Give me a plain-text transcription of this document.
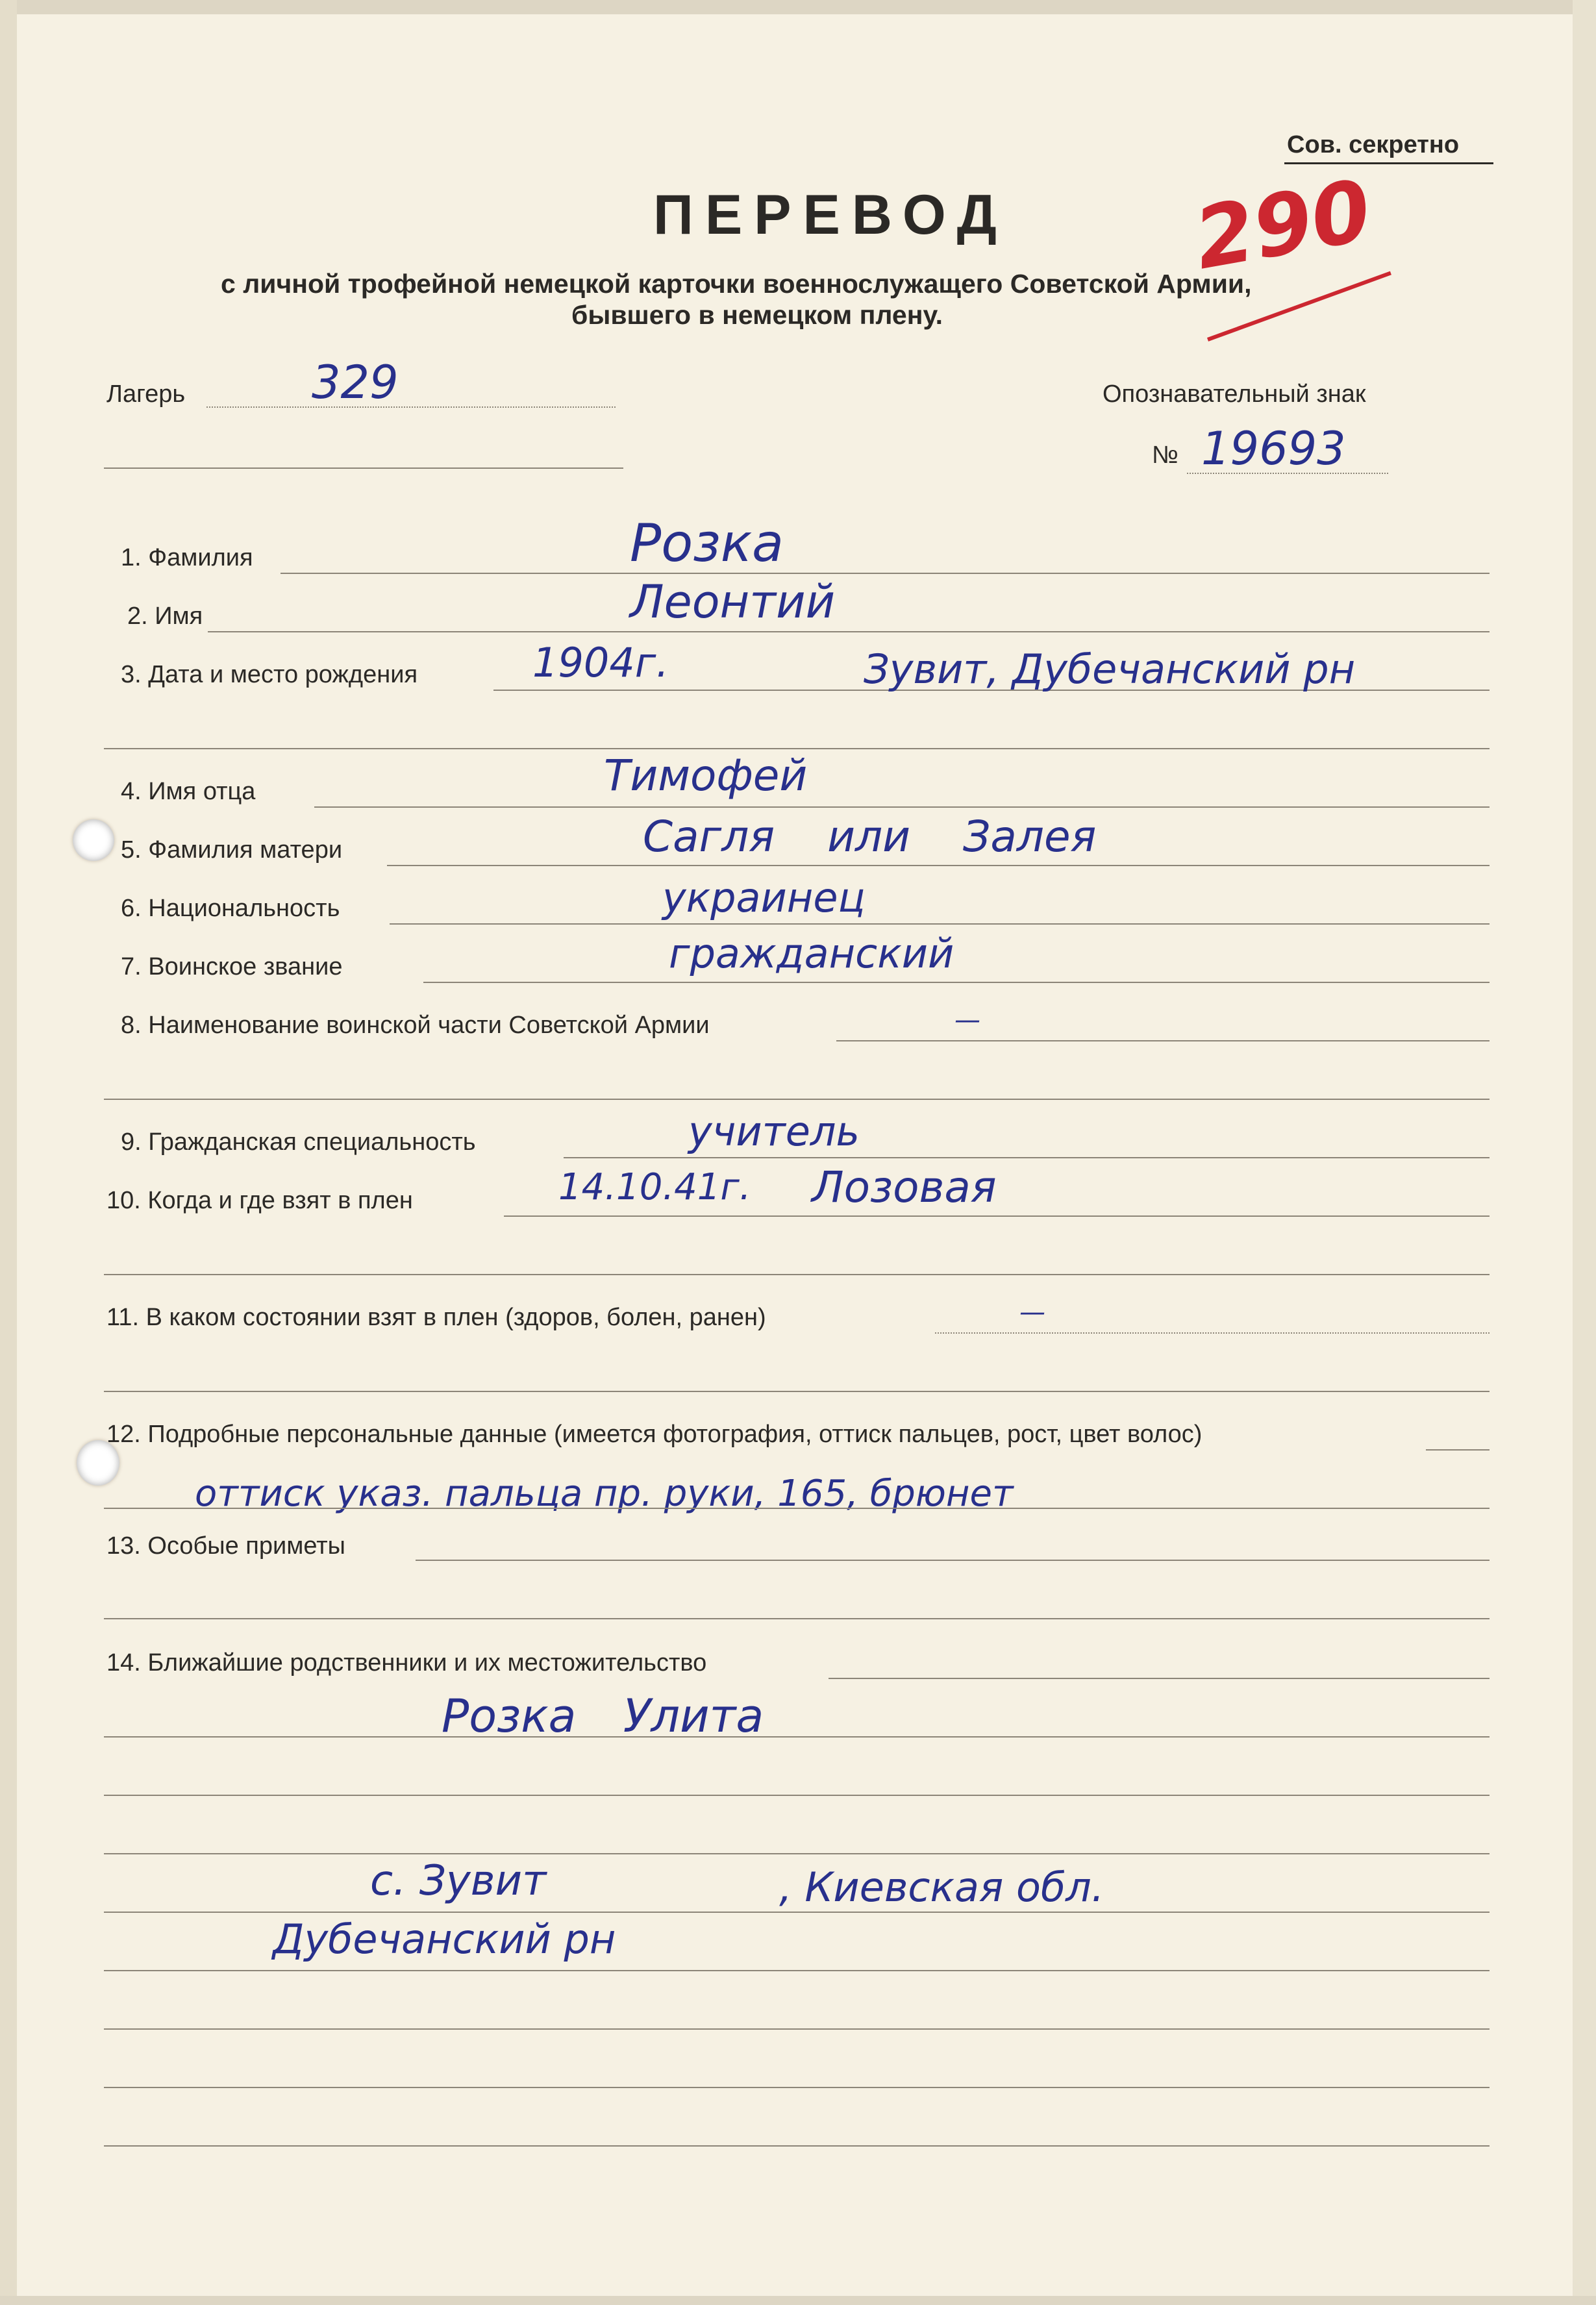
Сов. секретно
ПЕРЕВОД 290
с личной трофейной немецкой карточки военнослужащего Советской Армии,
бывшего в немецком плену.
Лагерь	329	Опознавательный знак
№ 19693
1. Фамилия	Розка
2. Имя	Леонтий
3. Дата и место рождения	1904г.	Зувит, Дубечанский рн
4. Имя отца	Тимофей
5. Фамилия матери	Сагля или Залея
6. Национальность	украинец
7. Воинское звание	гражданский
8. Наименование воинской части Советской Армии	—
9. Гражданская специальность	учитель
10. Когда и где взят в плен	14.10.41г. Лозовая
11. В каком состоянии взят в плен (здоров, болен, ранен)	—
12. Подробные персональные данные (имеется фотография, оттиск пальцев, рост, цвет волос)
оттиск указ. пальца пр. руки, 165, брюнет
13. Особые приметы
14. Ближайшие родственники и их местожительство
Розка Улита
с. Зувит	, Киевская обл.
Дубечанский рн
